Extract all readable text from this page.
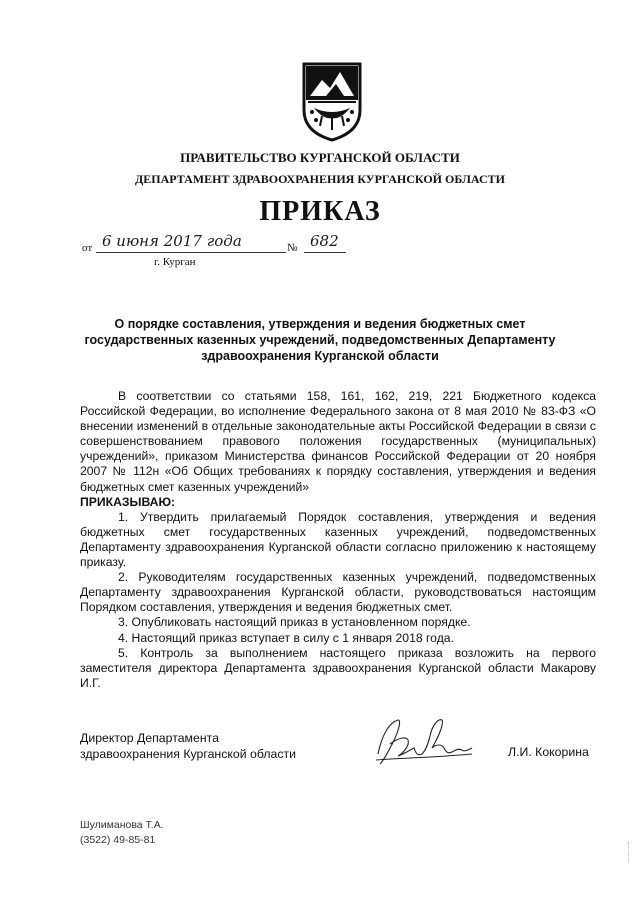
ПРАВИТЕЛЬСТВО КУРГАНСКОЙ ОБЛАСТИ
ДЕПАРТАМЕНТ ЗДРАВООХРАНЕНИЯ КУРГАНСКОЙ ОБЛАСТИ
ПРИКАЗ
от 6 июня 2017 года	№ 682
г. Курган
О порядке составления, утверждения и ведения бюджетных смет государственных казенных учреждений, подведомственных Департаменту здравоохранения Курганской области

В соответствии со статьями 158, 161, 162, 219, 221 Бюджетного кодекса Российской Федерации, во исполнение Федерального закона от 8 мая 2010 № 83-ФЗ «О внесении изменений в отдельные законодательные акты Российской Федерации в связи с совершенствованием правового положения государственных (муниципальных) учреждений», приказом Министерства финансов Российской Федерации от 20 ноября 2007 № 112н «Об Общих требованиях к порядку составления, утверждения и ведения бюджетных смет казенных учреждений»

ПРИКАЗЫВАЮ:

1. Утвердить прилагаемый Порядок составления, утверждения и ведения бюджетных смет государственных казенных учреждений, подведомственных Департаменту здравоохранения Курганской области согласно приложению к настоящему приказу.

2. Руководителям государственных казенных учреждений, подведомственных Департаменту здравоохранения Курганской области, руководствоваться настоящим Порядком составления, утверждения и ведения бюджетных смет.

3. Опубликовать настоящий приказ в установленном порядке.

4. Настоящий приказ вступает в силу с 1 января 2018 года.

5. Контроль за выполнением настоящего приказа возложить на первого заместителя директора Департамента здравоохранения Курганской области Макарову И.Г.

Директор Департамента
здравоохранения Курганской области	Л.И. Кокорина
Шулиманова Т.А.
(3522) 49-85-81
